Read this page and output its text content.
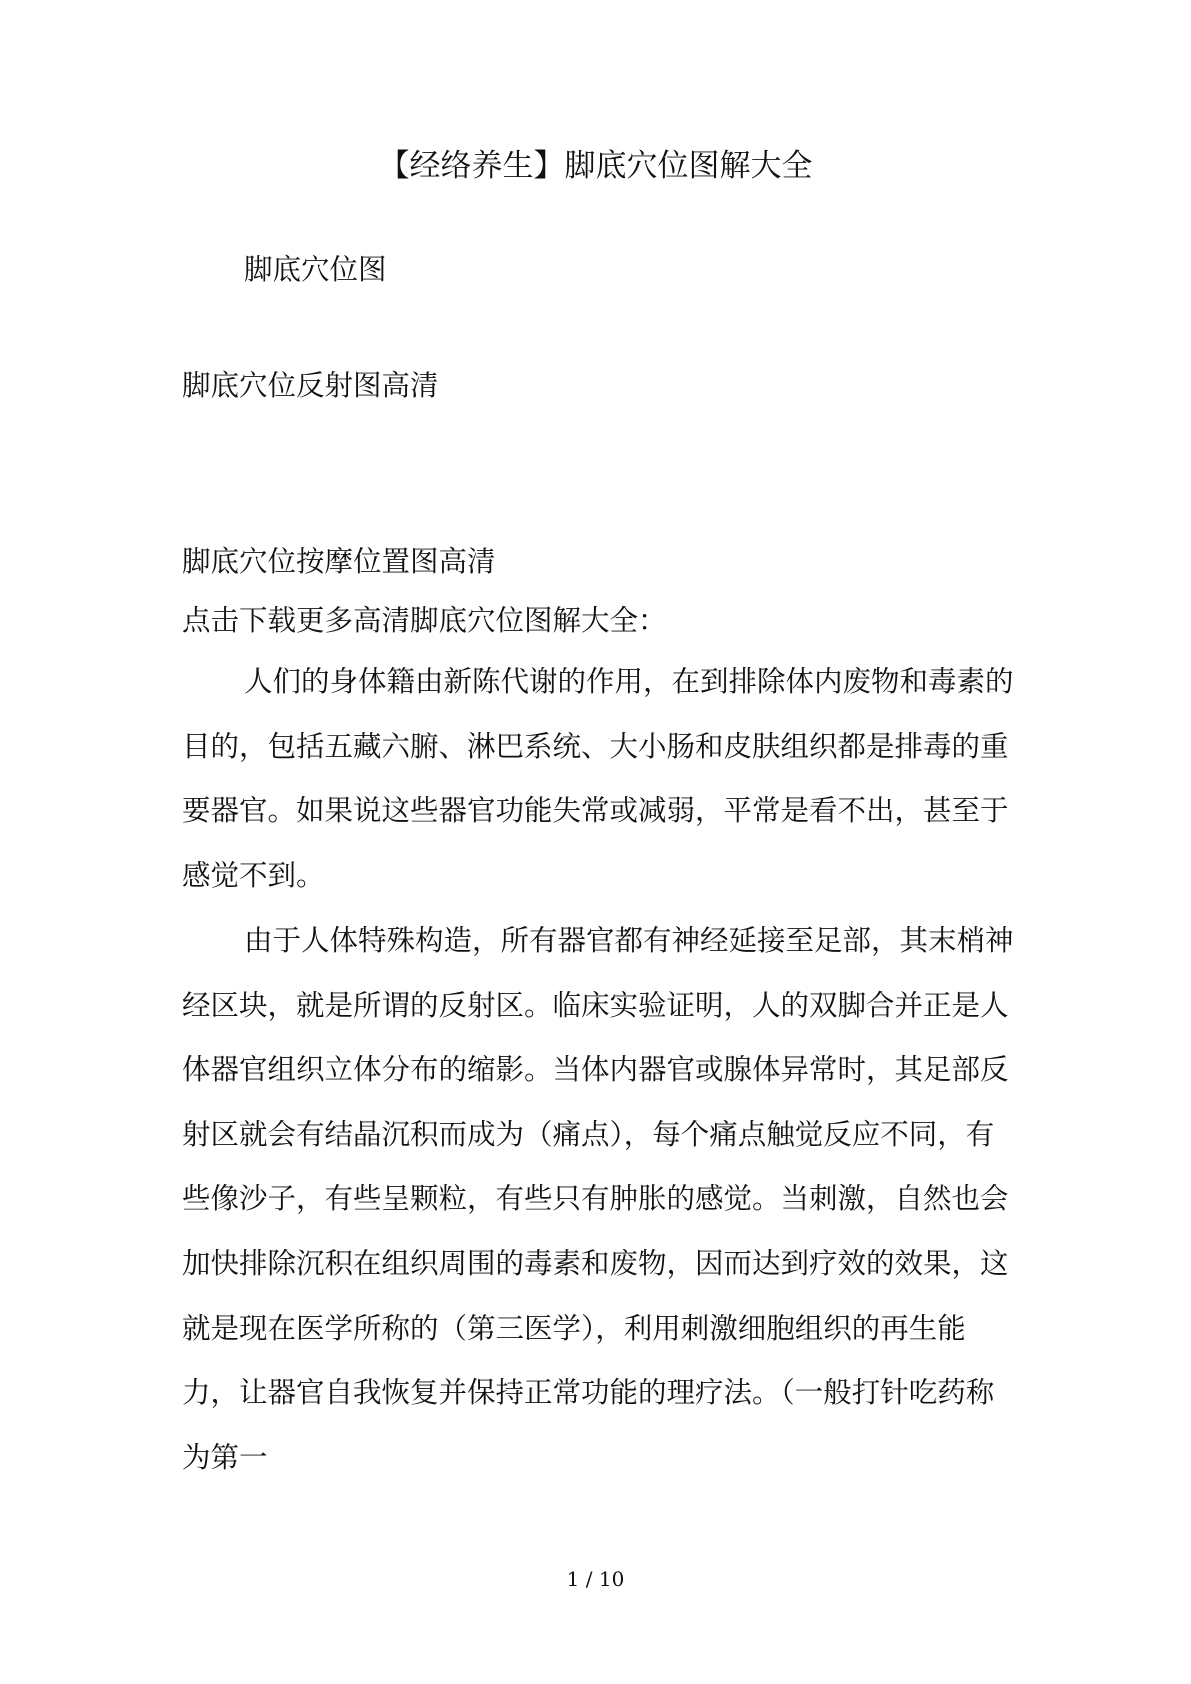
【经络养生】脚底穴位图解大全

脚底穴位图

脚底穴位反射图高清

脚底穴位按摩位置图高清

点击下载更多高清脚底穴位图解大全：

人们的身体籍由新陈代谢的作用，在到排除体内废物和毒素的目的，包括五藏六腑、淋巴系统、大小肠和皮肤组织都是排毒的重要器官。如果说这些器官功能失常或减弱，平常是看不出，甚至于感觉不到。

由于人体特殊构造，所有器官都有神经延接至足部，其末梢神经区块，就是所谓的反射区。临床实验证明，人的双脚合并正是人体器官组织立体分布的缩影。当体内器官或腺体异常时，其足部反射区就会有结晶沉积而成为（痛点），每个痛点触觉反应不同，有些像沙子，有些呈颗粒，有些只有肿胀的感觉。当刺激，自然也会加快排除沉积在组织周围的毒素和废物，因而达到疗效的效果，这就是现在医学所称的（第三医学），利用刺激细胞组织的再生能力，让器官自我恢复并保持正常功能的理疗法。（一般打针吃药称为第一

1 / 10
